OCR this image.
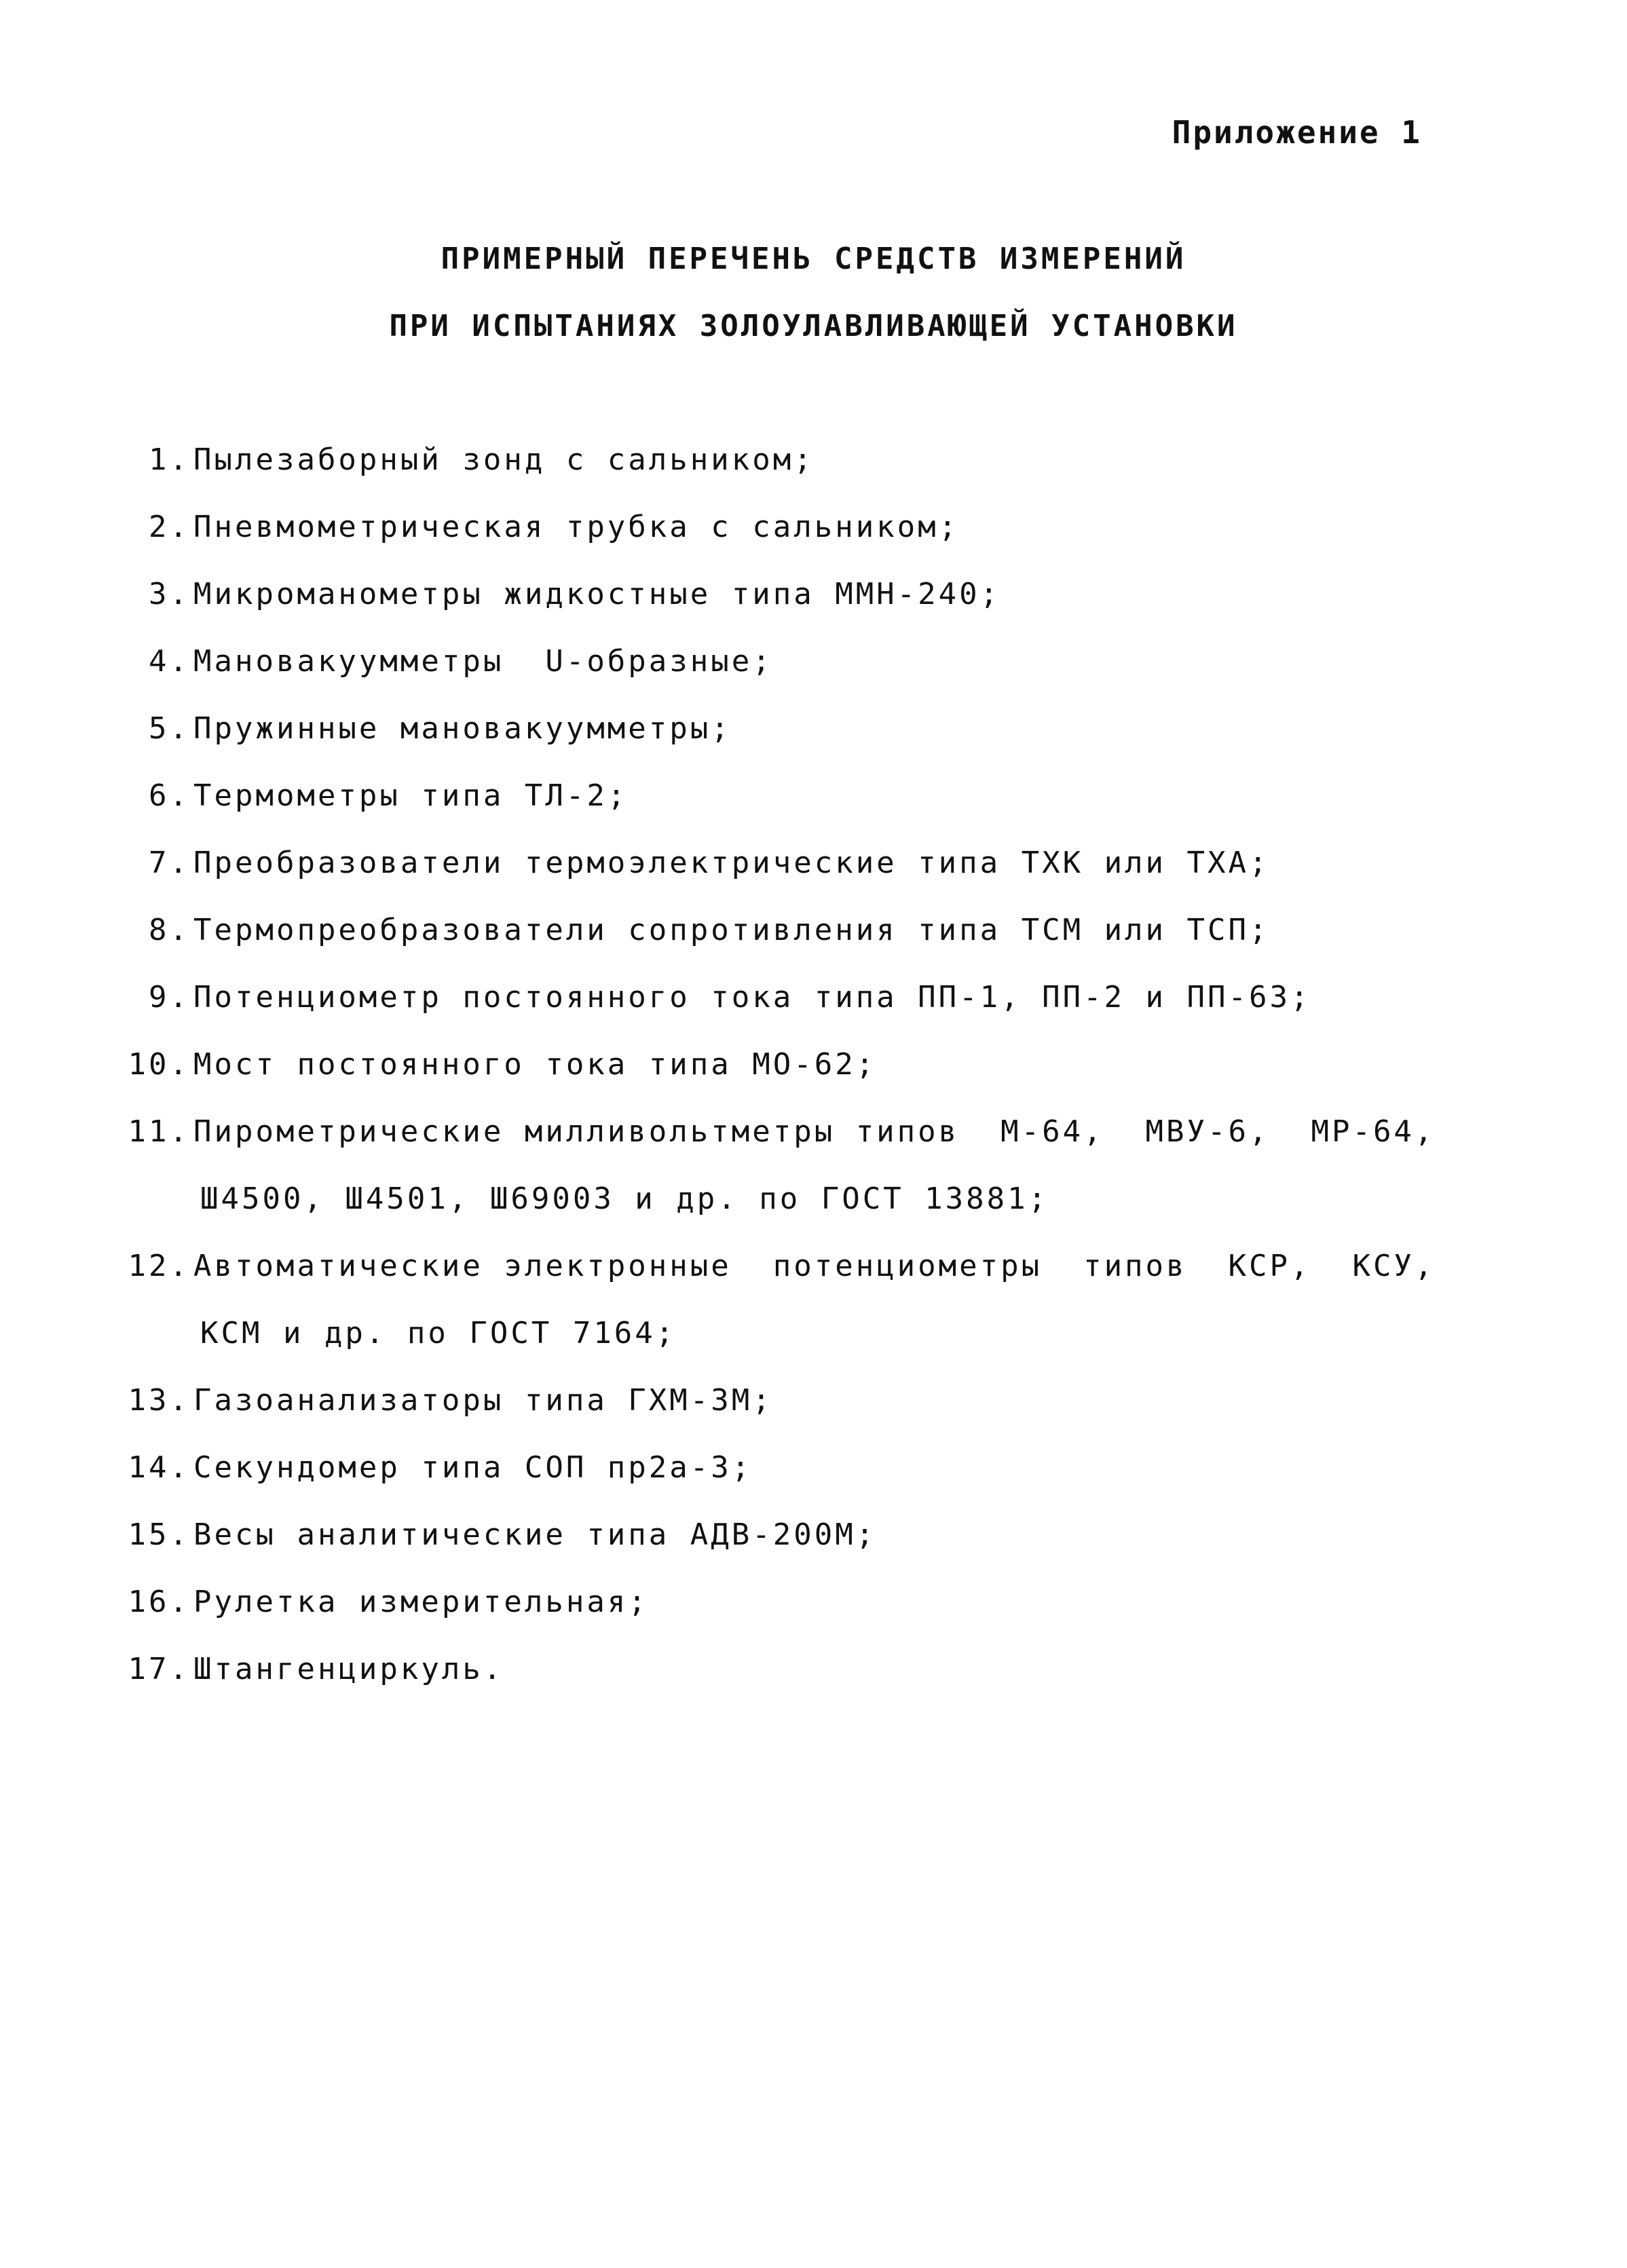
Приложение 1
ПРИМЕРНЫЙ ПЕРЕЧЕНЬ СРЕДСТВ ИЗМЕРЕНИЙ
ПРИ ИСПЫТАНИЯХ ЗОЛОУЛАВЛИВАЮЩЕЙ УСТАНОВКИ
1. Пылезаборный зонд с сальником;
2. Пневмометрическая трубка с сальником;
3. Микроманометры жидкостные типа ММН-240;
4. Мановакуумметры  U-образные;
5. Пружинные мановакуумметры;
6. Термометры типа ТЛ-2;
7. Преобразователи термоэлектрические типа ТХК или ТХА;
8. Термопреобразователи сопротивления типа ТСМ или ТСП;
9. Потенциометр постоянного тока типа ПП-1, ПП-2 и ПП-63;
10. Мост постоянного тока типа МО-62;
11. Пирометрические милливольтметры типов  М-64,  МВУ-6,  МР-64,
Ш4500, Ш4501, Ш69003 и др. по ГОСТ 13881;
12. Автоматические электронные  потенциометры  типов  КСР,  КСУ,
КСМ и др. по ГОСТ 7164;
13. Газоанализаторы типа ГХМ-3М;
14. Секундомер типа СОП пр2а-3;
15. Весы аналитические типа АДВ-200М;
16. Рулетка измерительная;
17. Штангенциркуль.
